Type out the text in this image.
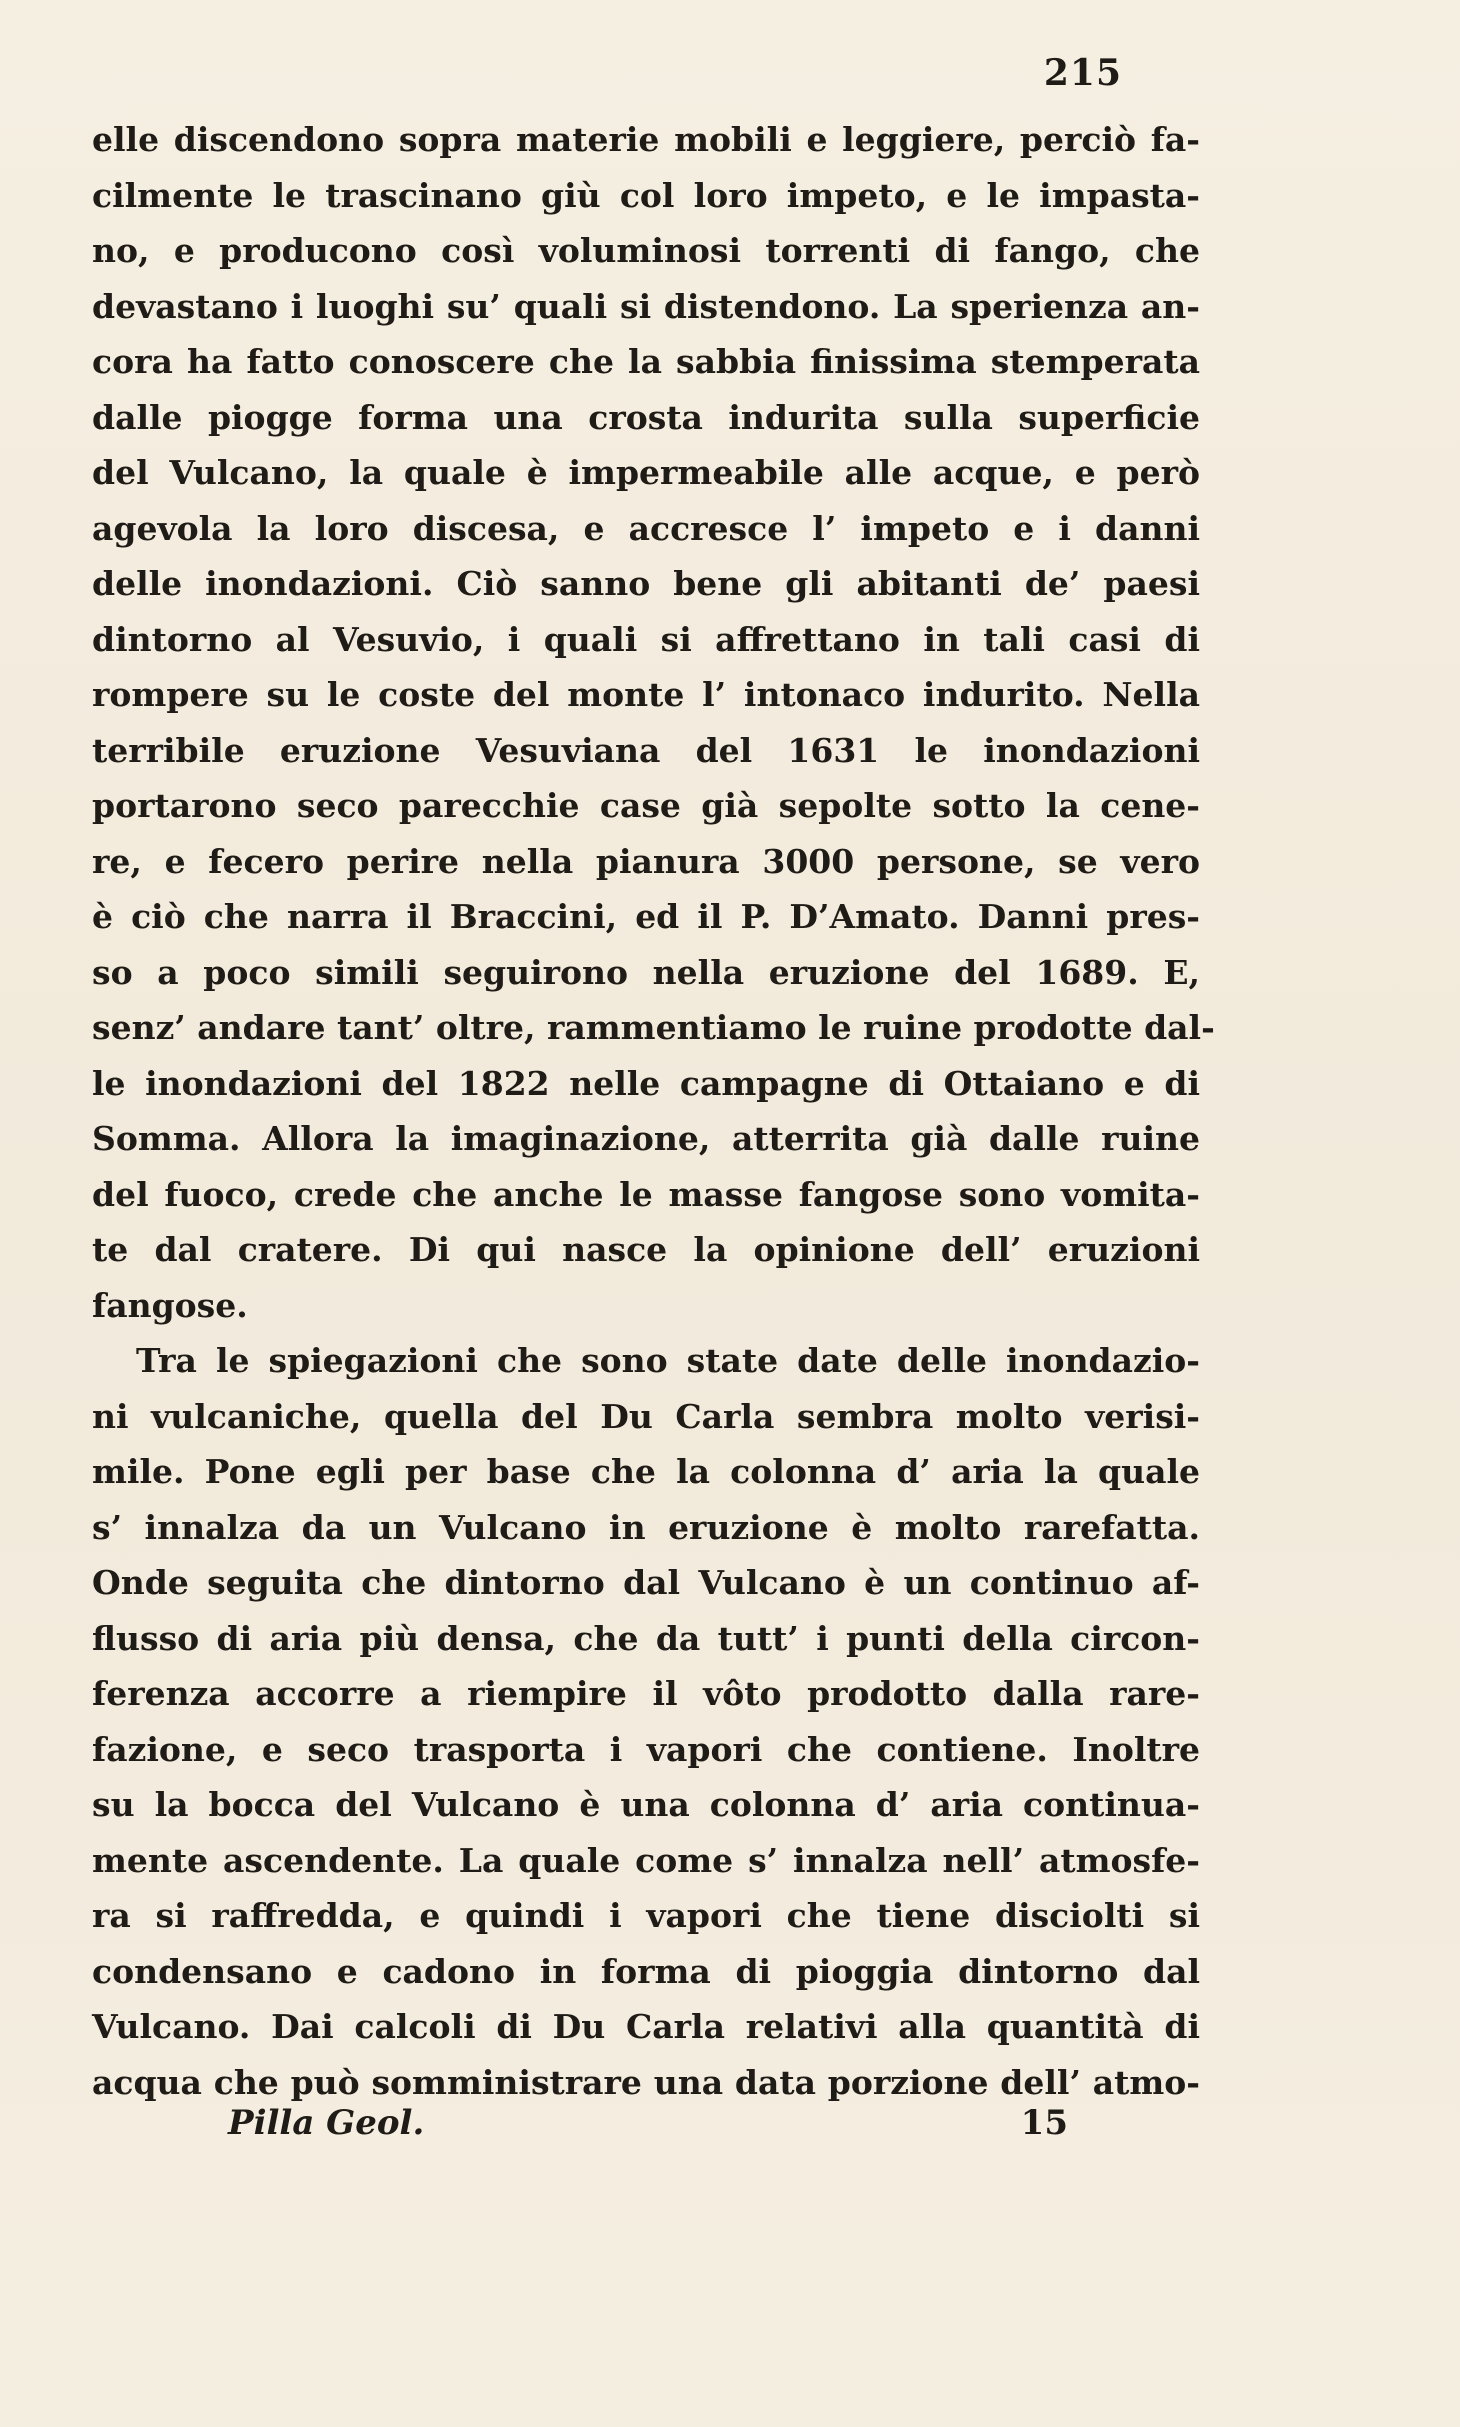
215
elle discendono sopra materie mobili e leggiere, perciò fa-
cilmente le trascinano giù col loro impeto, e le impasta-
no, e producono così voluminosi torrenti di fango, che
devastano i luoghi su’ quali si distendono. La sperienza an-
cora ha fatto conoscere che la sabbia finissima stemperata
dalle piogge forma una crosta indurita sulla superficie
del Vulcano, la quale è impermeabile alle acque, e però
agevola la loro discesa, e accresce l’ impeto e i danni
delle inondazioni. Ciò sanno bene gli abitanti de’ paesi
dintorno al Vesuvio, i quali si affrettano in tali casi di
rompere su le coste del monte l’ intonaco indurito. Nella
terribile eruzione Vesuviana del 1631 le inondazioni
portarono seco parecchie case già sepolte sotto la cene-
re, e fecero perire nella pianura 3000 persone, se vero
è ciò che narra il Braccini, ed il P. D’Amato. Danni pres-
so a poco simili seguirono nella eruzione del 1689. E,
senz’ andare tant’ oltre, rammentiamo le ruine prodotte dal-
le inondazioni del 1822 nelle campagne di Ottaiano e di
Somma. Allora la imaginazione, atterrita già dalle ruine
del fuoco, crede che anche le masse fangose sono vomita-
te dal cratere. Di qui nasce la opinione dell’ eruzioni
fangose.
Tra le spiegazioni che sono state date delle inondazio-
ni vulcaniche, quella del Du Carla sembra molto verisi-
mile. Pone egli per base che la colonna d’ aria la quale
s’ innalza da un Vulcano in eruzione è molto rarefatta.
Onde seguita che dintorno dal Vulcano è un continuo af-
flusso di aria più densa, che da tutt’ i punti della circon-
ferenza accorre a riempire il vôto prodotto dalla rare-
fazione, e seco trasporta i vapori che contiene. Inoltre
su la bocca del Vulcano è una colonna d’ aria continua-
mente ascendente. La quale come s’ innalza nell’ atmosfe-
ra si raffredda, e quindi i vapori che tiene disciolti si
condensano e cadono in forma di pioggia dintorno dal
Vulcano. Dai calcoli di Du Carla relativi alla quantità di
acqua che può somministrare una data porzione dell’ atmo-
Pilla Geol.	15
